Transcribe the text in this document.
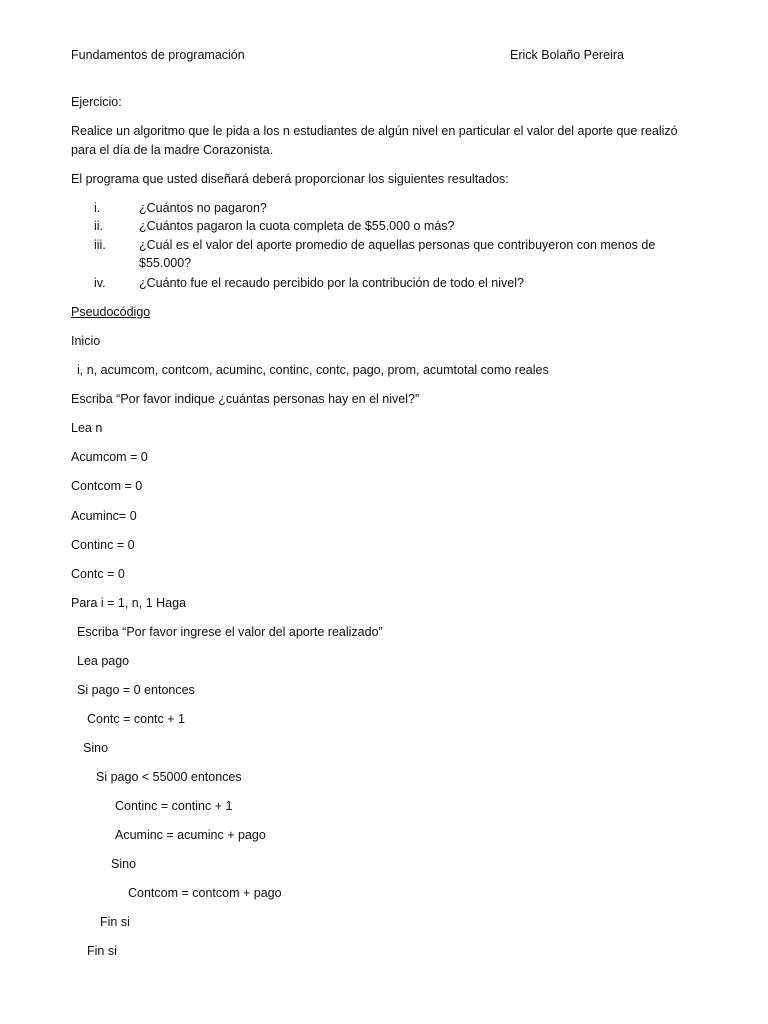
Fundamentos de programación	Erick Bolaño Pereira
Ejercicio:
Realice un algoritmo que le pida a los n estudiantes de algún nivel en particular el valor del aporte que realizó para el día de la madre Corazonista.
El programa que usted diseñará deberá proporcionar los siguientes resultados:
i.	¿Cuántos no pagaron?
ii.	¿Cuántos pagaron la cuota completa de $55.000 o más?
iii.	¿Cuál es el valor del aporte promedio de aquellas personas que contribuyeron con menos de $55.000?
iv.	¿Cuánto fue el recaudo percibido por la contribución de todo el nivel?
Pseudocódigo
Inicio
i, n, acumcom, contcom, acuminc, continc, contc, pago, prom, acumtotal como reales
Escriba “Por favor indique ¿cuántas personas hay en el nivel?”
Lea n
Acumcom = 0
Contcom = 0
Acuminc= 0
Continc = 0
Contc = 0
Para i = 1, n, 1 Haga
Escriba “Por favor ingrese el valor del aporte realizado”
Lea pago
Si pago = 0 entonces
Contc = contc + 1
Sino
Si pago < 55000 entonces
Continc = continc + 1
Acuminc = acuminc + pago
Sino
Contcom = contcom + pago
Fin si
Fin si
